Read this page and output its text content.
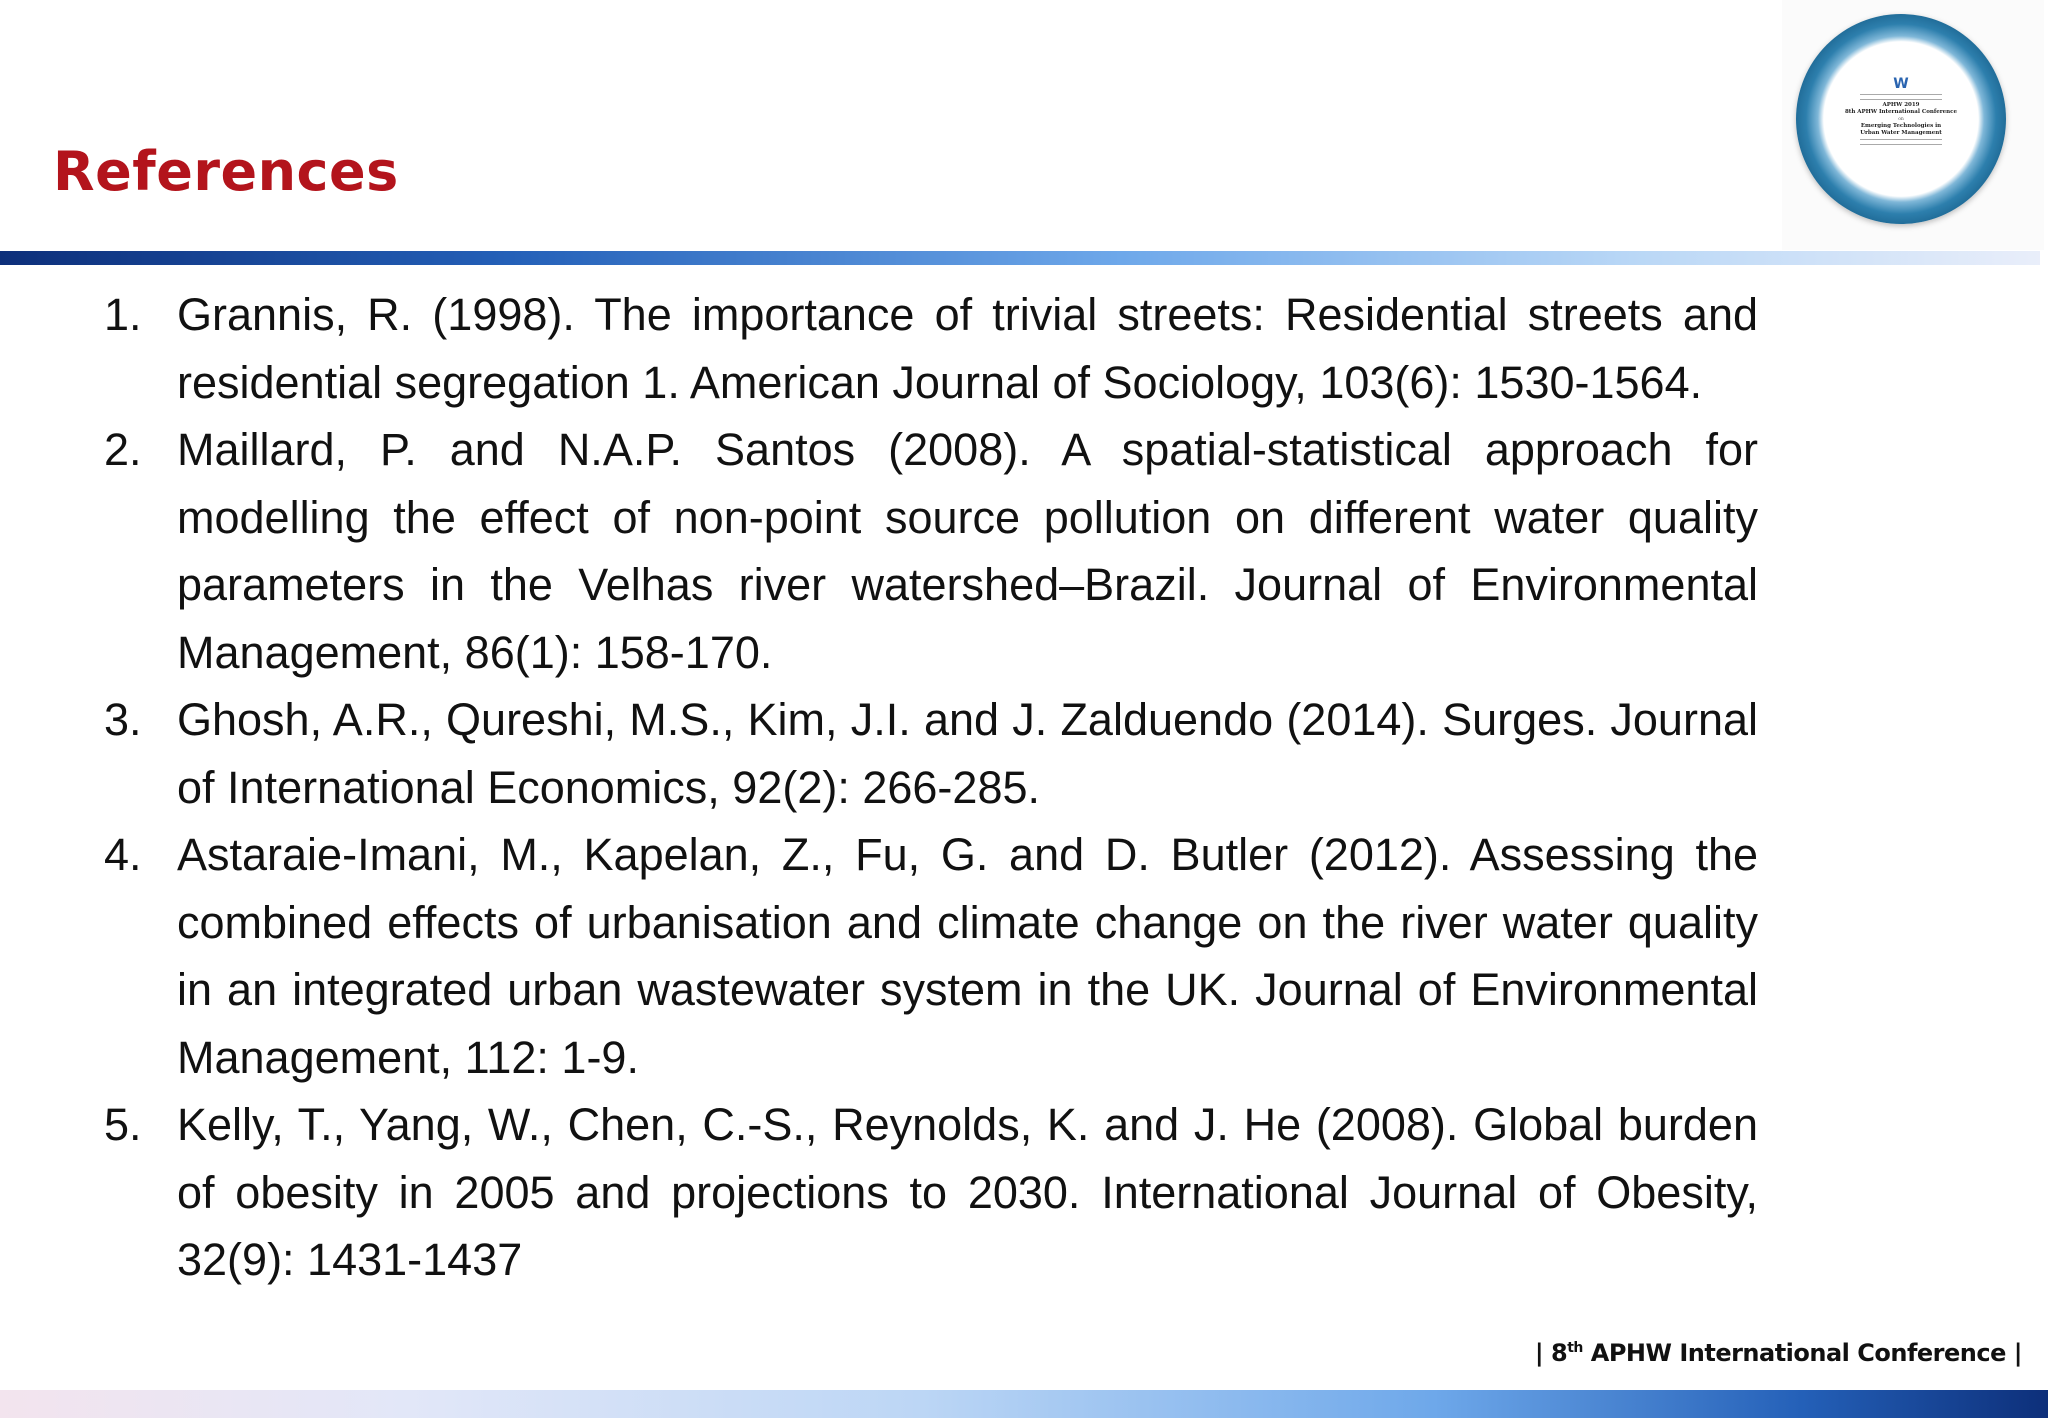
References
W
APHW 2019
8th APHW International Conference
on
Emerging Technologies in
Urban Water Management
1. Grannis, R. (1998). The importance of trivial streets: Residential streets and residential segregation 1. American Journal of Sociology, 103(6): 1530-1564.
2. Maillard, P. and N.A.P. Santos (2008). A spatial-statistical approach for modelling the effect of non-point source pollution on different water quality parameters in the Velhas river watershed–Brazil. Journal of Environmental Management, 86(1): 158-170.
3. Ghosh, A.R., Qureshi, M.S., Kim, J.I. and J. Zalduendo (2014). Surges. Journal of International Economics, 92(2): 266-285.
4. Astaraie-Imani, M., Kapelan, Z., Fu, G. and D. Butler (2012). Assessing the combined effects of urbanisation and climate change on the river water quality in an integrated urban wastewater system in the UK. Journal of Environmental Management, 112: 1-9.
5. Kelly, T., Yang, W., Chen, C.-S., Reynolds, K. and J. He (2008). Global burden of obesity in 2005 and projections to 2030. International Journal of Obesity, 32(9): 1431-1437
| 8th APHW International Conference |
